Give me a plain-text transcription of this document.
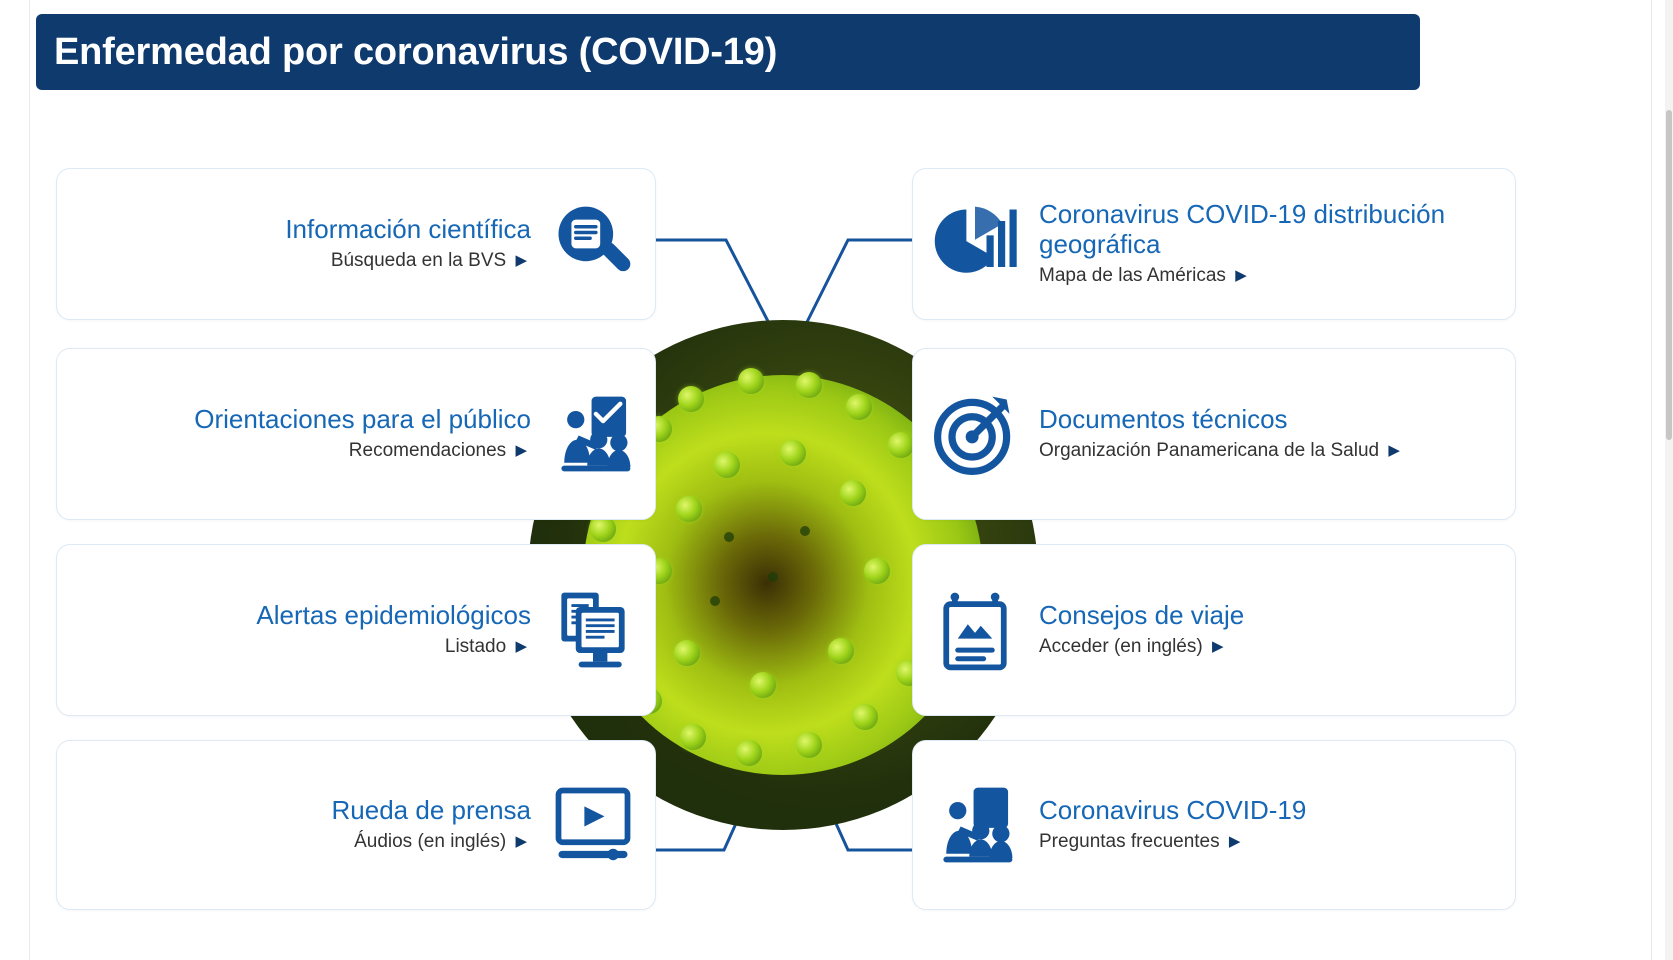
Enfermedad por coronavirus (COVID-19)
Información científica
Búsqueda en la BVS ▶
Orientaciones para el público
Recomendaciones ▶
Alertas epidemiológicos
Listado ▶
Rueda de prensa
Áudios (en inglés) ▶
Coronavirus COVID-19 distribución geográfica
Mapa de las Américas ▶
Documentos técnicos
Organización Panamericana de la Salud ▶
Consejos de viaje
Acceder (en inglés) ▶
Coronavirus COVID-19
Preguntas frecuentes ▶
